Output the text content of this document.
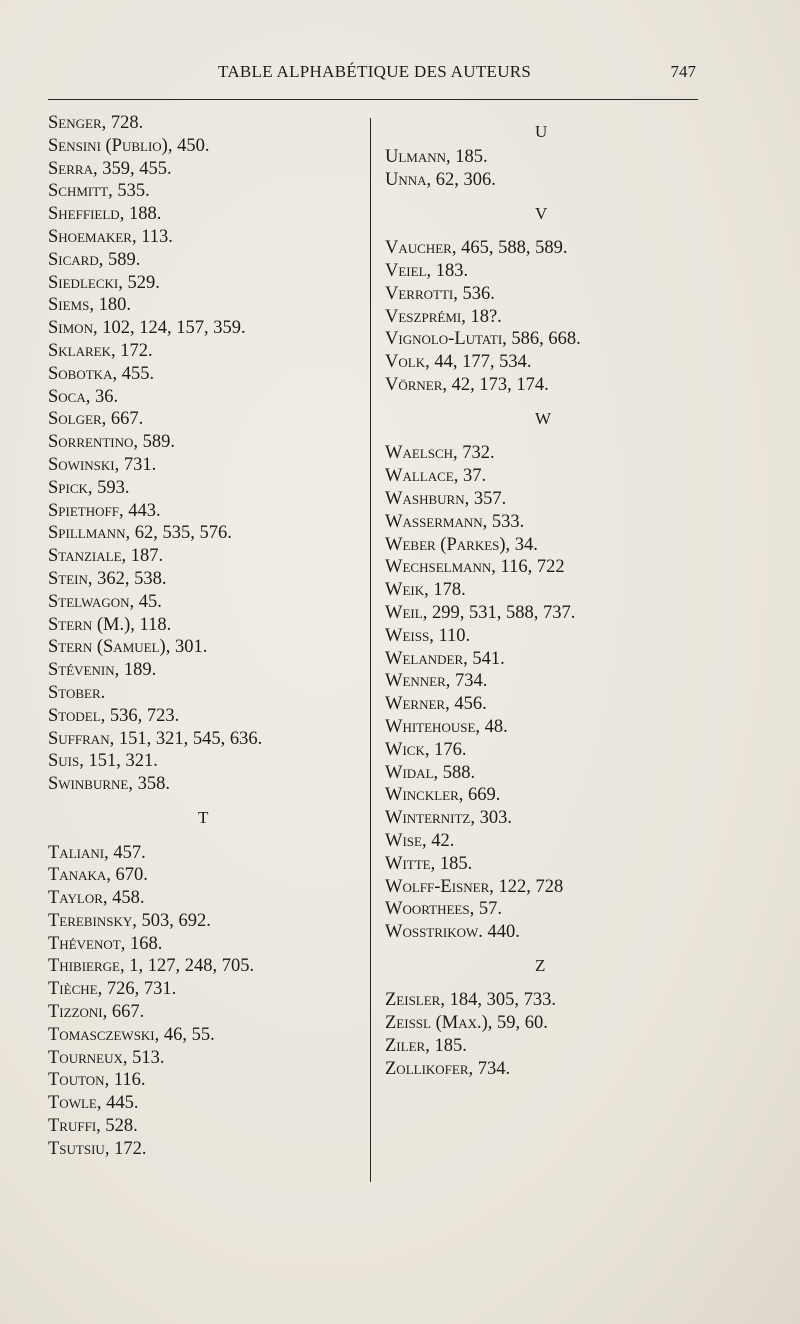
TABLE ALPHABÉTIQUE DES AUTEURS	747
Senger, 728.
Sensini (Publio), 450.
Serra, 359, 455.
Schmitt, 535.
Sheffield, 188.
Shoemaker, 113.
Sicard, 589.
Siedlecki, 529.
Siems, 180.
Simon, 102, 124, 157, 359.
Sklarek, 172.
Sobotka, 455.
Soca, 36.
Solger, 667.
Sorrentino, 589.
Sowinski, 731.
Spick, 593.
Spiethoff, 443.
Spillmann, 62, 535, 576.
Stanziale, 187.
Stein, 362, 538.
Stelwagon, 45.
Stern (M.), 118.
Stern (Samuel), 301.
Stévenin, 189.
Stober.
Stodel, 536, 723.
Suffran, 151, 321, 545, 636.
Suis, 151, 321.
Swinburne, 358.
T
Taliani, 457.
Tanaka, 670.
Taylor, 458.
Terebinsky, 503, 692.
Thévenot, 168.
Thibierge, 1, 127, 248, 705.
Tièche, 726, 731.
Tizzoni, 667.
Tomasczewski, 46, 55.
Tourneux, 513.
Touton, 116.
Towle, 445.
Truffi, 528.
Tsutsiu, 172.
U
Ulmann, 185.
Unna, 62, 306.
V
Vaucher, 465, 588, 589.
Veiel, 183.
Verrotti, 536.
Veszprémi, 18?.
Vignolo-Lutati, 586, 668.
Volk, 44, 177, 534.
Vörner, 42, 173, 174.
W
Waelsch, 732.
Wallace, 37.
Washburn, 357.
Wassermann, 533.
Weber (Parkes), 34.
Wechselmann, 116, 722
Weik, 178.
Weil, 299, 531, 588, 737.
Weiss, 110.
Welander, 541.
Wenner, 734.
Werner, 456.
Whitehouse, 48.
Wick, 176.
Widal, 588.
Winckler, 669.
Winternitz, 303.
Wise, 42.
Witte, 185.
Wolff-Eisner, 122, 728
Woorthees, 57.
Wosstrikow. 440.
Z
Zeisler, 184, 305, 733.
Zeissl (Max.), 59, 60.
Ziler, 185.
Zollikofer, 734.
